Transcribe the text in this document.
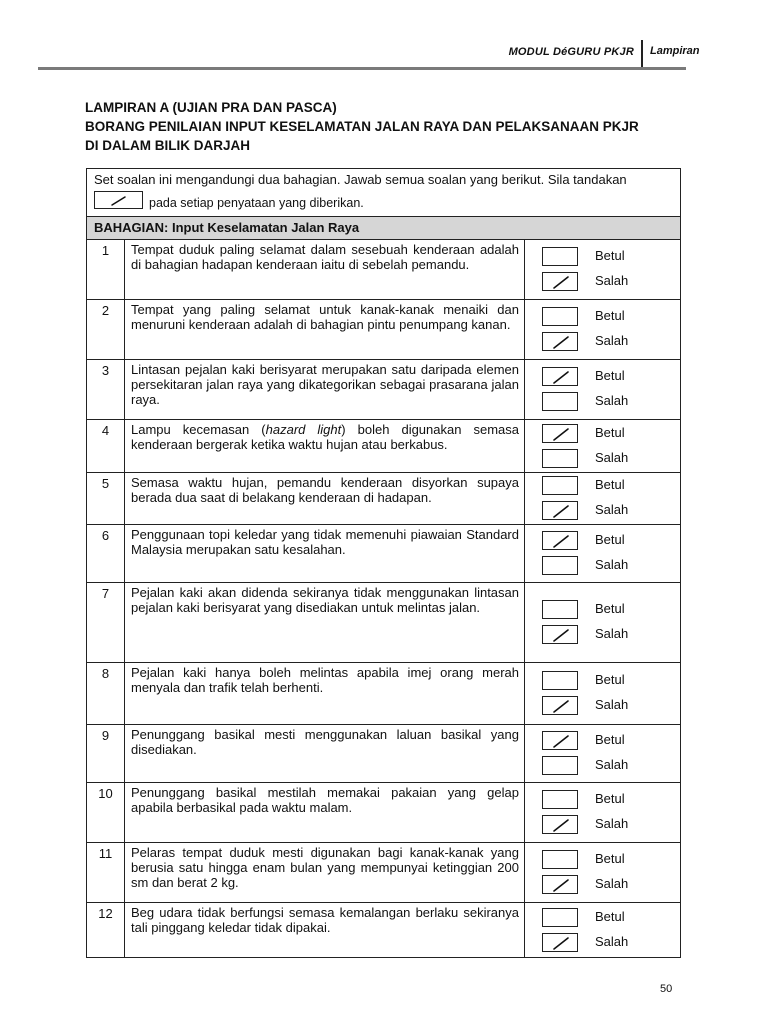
MODUL DéGURU PKJR Lampiran
LAMPIRAN A (UJIAN PRA DAN PASCA)
BORANG PENILAIAN INPUT KESELAMATAN JALAN RAYA DAN PELAKSANAAN PKJR
DI DALAM BILIK DARJAH
Set soalan ini mengandungi dua bahagian. Jawab semua soalan yang berikut. Sila tandakan
pada setiap penyataan yang diberikan.
BAHAGIAN: Input Keselamatan Jalan Raya
1	Tempat duduk paling selamat dalam sesebuah kenderaan adalah di bahagian hadapan kenderaan iaitu di sebelah pemandu.
Betul
Salah
2	Tempat yang paling selamat untuk kanak-kanak menaiki dan menuruni kenderaan adalah di bahagian pintu penumpang kanan.
Betul
Salah
3	Lintasan pejalan kaki berisyarat merupakan satu daripada elemen persekitaran jalan raya yang dikategorikan sebagai prasarana jalan raya.
Betul
Salah
4	Lampu kecemasan (hazard light) boleh digunakan semasa kenderaan bergerak ketika waktu hujan atau berkabus.
Betul
Salah
5	Semasa waktu hujan, pemandu kenderaan disyorkan supaya berada dua saat di belakang kenderaan di hadapan.
Betul
Salah
6	Penggunaan topi keledar yang tidak memenuhi piawaian Standard Malaysia merupakan satu kesalahan.
Betul
Salah
7	Pejalan kaki akan didenda sekiranya tidak menggunakan lintasan pejalan kaki berisyarat yang disediakan untuk melintas jalan.	Betul
Salah
8	Pejalan kaki hanya boleh melintas apabila imej orang merah menyala dan trafik telah berhenti.
Betul
Salah
9	Penunggang basikal mesti menggunakan laluan basikal yang disediakan.
Betul
Salah
10	Penunggang basikal mestilah memakai pakaian yang gelap apabila berbasikal pada waktu malam.
Betul
Salah
11	Pelaras tempat duduk mesti digunakan bagi kanak-kanak yang berusia satu hingga enam bulan yang mempunyai ketinggian 200 sm dan berat 2 kg.
Betul
Salah
12	Beg udara tidak berfungsi semasa kemalangan berlaku sekiranya tali pinggang keledar tidak dipakai.
Betul
Salah
50
